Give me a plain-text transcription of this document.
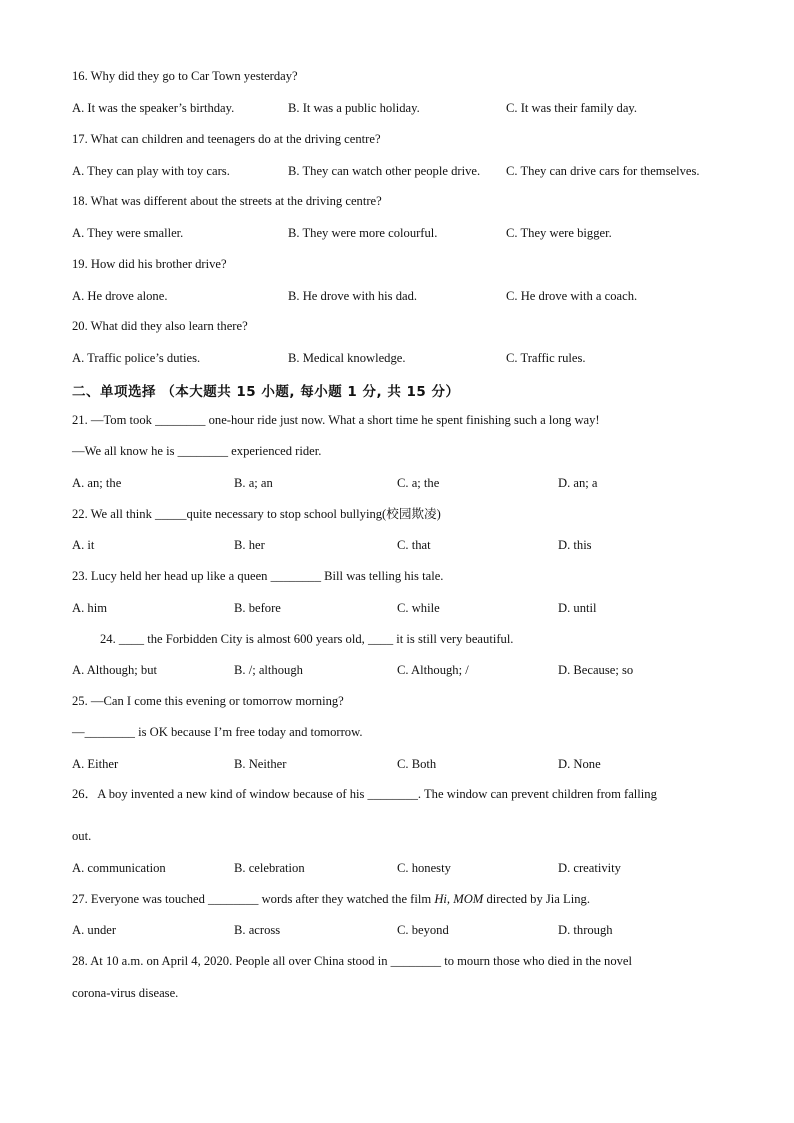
16. Why did they go to Car Town yesterday?
A. It was the speaker’s birthday.	B. It was a public holiday.	C. It was their family day.
17. What can children and teenagers do at the driving centre?
A. They can play with toy cars.	B. They can watch other people drive. C. They can drive cars for themselves.
18. What was different about the streets at the driving centre?
A. They were smaller.	B. They were more colourful.	C. They were bigger.
19. How did his brother drive?
A. He drove alone.	B. He drove with his dad.	C. He drove with a coach.
20. What did they also learn there?
A. Traffic police’s duties.	B. Medical knowledge.	C. Traffic rules.
二、单项选择 （本大题共 15 小题, 每小题 1 分, 共 15 分）
21. —Tom took ________ one-hour ride just now. What a short time he spent finishing such a long way!
—We all know he is ________ experienced rider.
A. an; the	B. a; an	C. a; the	D. an; a
22. We all think _____quite necessary to stop school bullying(校园欺凌)
A. it	B. her	C. that	D. this
23. Lucy held her head up like a queen ________ Bill was telling his tale.
A. him	B. before	C. while	D. until
24. ____ the Forbidden City is almost 600 years old, ____ it is still very beautiful.
A. Although; but	B. /; although	C. Although; /	D. Because; so
25. —Can I come this evening or tomorrow morning?
—________ is OK because I’m free today and tomorrow.
A. Either	B. Neither	C. Both	D. None
26．A boy invented a new kind of window because of his ________. The window can prevent children from falling
out.
A. communication	B. celebration	C. honesty	D. creativity
27. Everyone was touched ________ words after they watched the film Hi, MOM directed by Jia Ling.
A. under	B. across	C. beyond	D. through
28. At 10 a.m. on April 4, 2020. People all over China stood in ________ to mourn those who died in the novel
corona-virus disease.
